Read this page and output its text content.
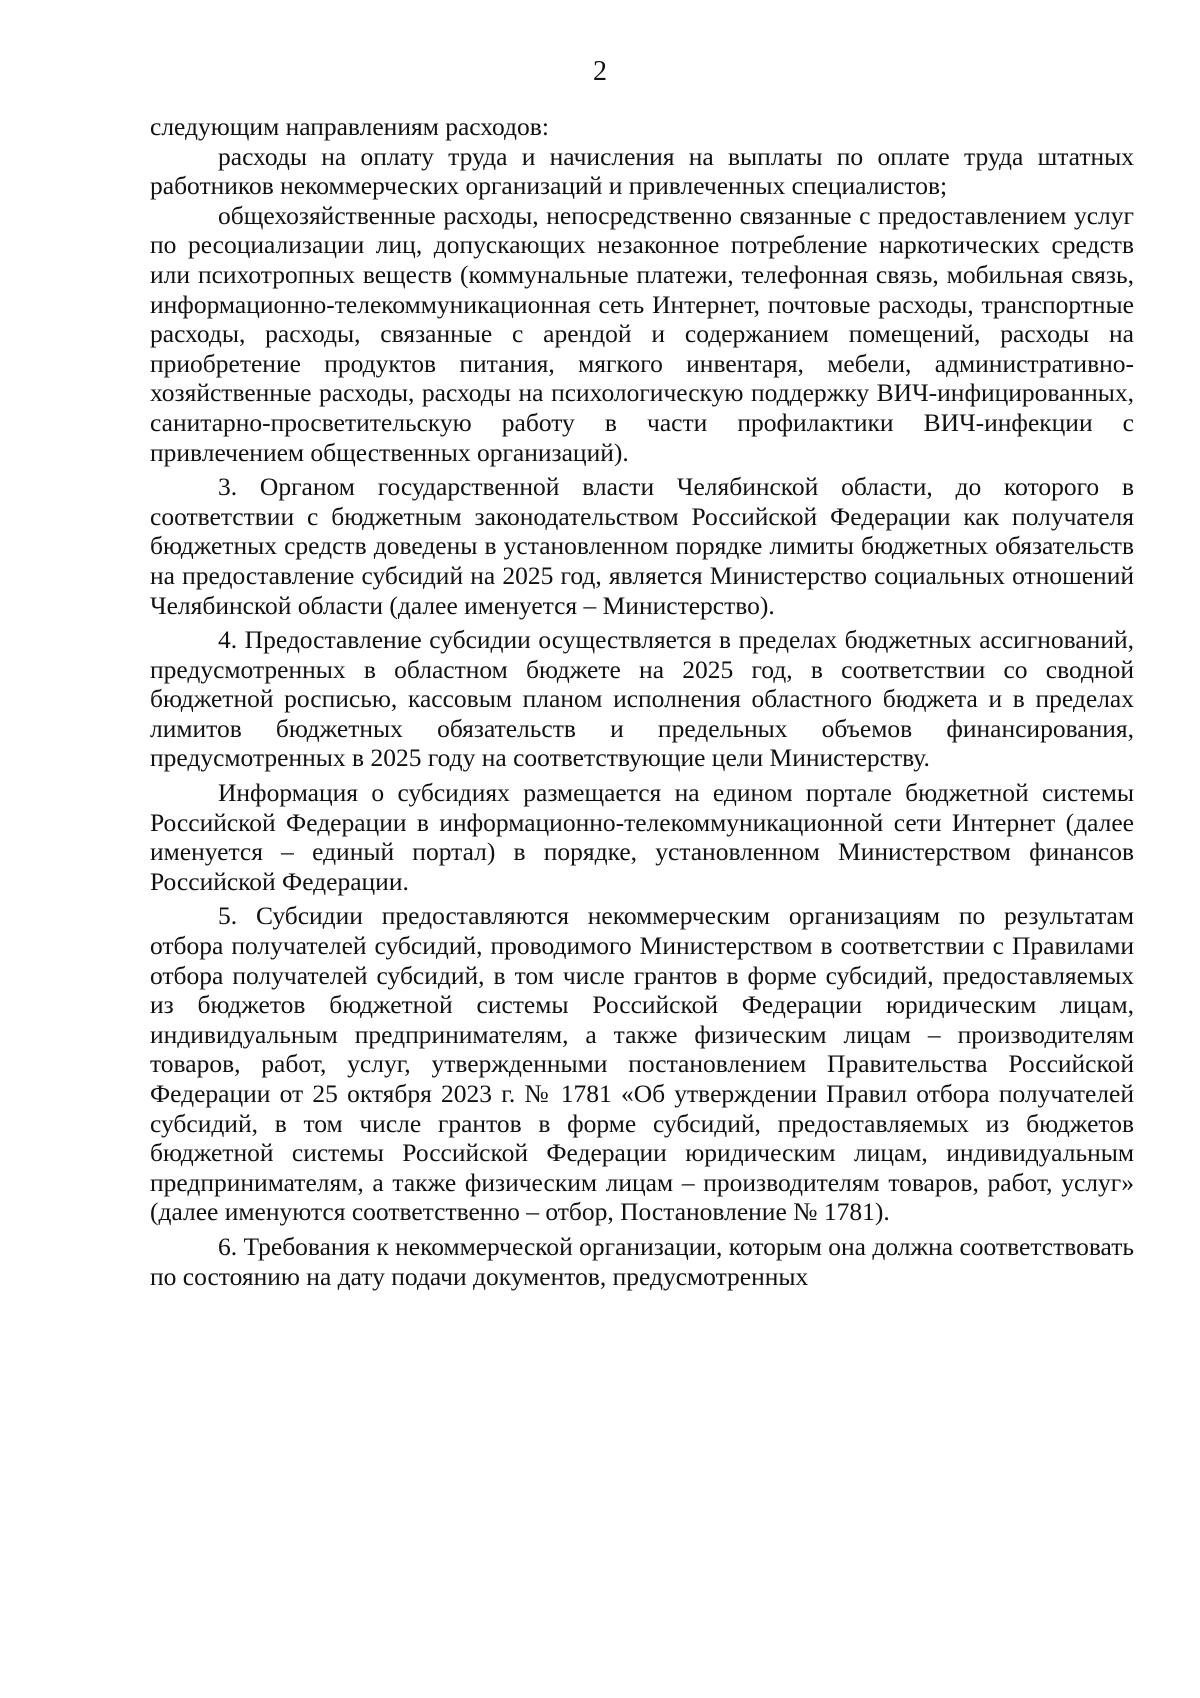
2

следующим направлениям расходов:

расходы на оплату труда и начисления на выплаты по оплате труда штатных работников некоммерческих организаций и привлеченных специалистов;

общехозяйственные расходы, непосредственно связанные с предоставлением услуг по ресоциализации лиц, допускающих незаконное потребление наркотических средств или психотропных веществ (коммунальные платежи, телефонная связь, мобильная связь, информационно-телекоммуникационная сеть Интернет, почтовые расходы, транспортные расходы, расходы, связанные с арендой и содержанием помещений, расходы на приобретение продуктов питания, мягкого инвентаря, мебели, административно-хозяйственные расходы, расходы на психологическую поддержку ВИЧ-инфицированных, санитарно-просветительскую работу в части профилактики ВИЧ-инфекции с привлечением общественных организаций).

3. Органом государственной власти Челябинской области, до которого в соответствии с бюджетным законодательством Российской Федерации как получателя бюджетных средств доведены в установленном порядке лимиты бюджетных обязательств на предоставление субсидий на 2025 год, является Министерство социальных отношений Челябинской области (далее именуется – Министерство).

4. Предоставление субсидии осуществляется в пределах бюджетных ассигнований, предусмотренных в областном бюджете на 2025 год, в соответствии со сводной бюджетной росписью, кассовым планом исполнения областного бюджета и в пределах лимитов бюджетных обязательств и предельных объемов финансирования, предусмотренных в 2025 году на соответствующие цели Министерству.

Информация о субсидиях размещается на едином портале бюджетной системы Российской Федерации в информационно-телекоммуникационной сети Интернет (далее именуется – единый портал) в порядке, установленном Министерством финансов Российской Федерации.

5. Субсидии предоставляются некоммерческим организациям по результатам отбора получателей субсидий, проводимого Министерством в соответствии с Правилами отбора получателей субсидий, в том числе грантов в форме субсидий, предоставляемых из бюджетов бюджетной системы Российской Федерации юридическим лицам, индивидуальным предпринимателям, а также физическим лицам – производителям товаров, работ, услуг, утвержденными постановлением Правительства Российской Федерации от 25 октября 2023 г. № 1781 «Об утверждении Правил отбора получателей субсидий, в том числе грантов в форме субсидий, предоставляемых из бюджетов бюджетной системы Российской Федерации юридическим лицам, индивидуальным предпринимателям, а также физическим лицам – производителям товаров, работ, услуг» (далее именуются соответственно – отбор, Постановление № 1781).

6. Требования к некоммерческой организации, которым она должна соответствовать по состоянию на дату подачи документов, предусмотренных
